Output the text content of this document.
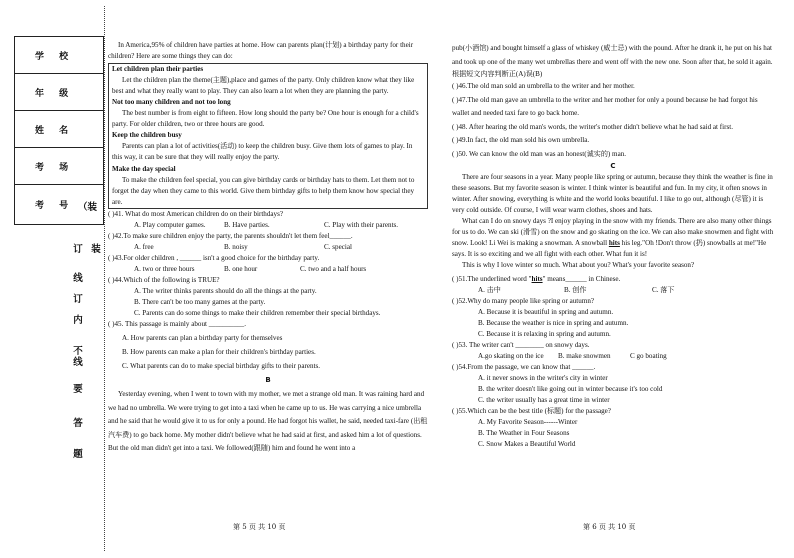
学 校
年 级
姓 名
考 场
考 号 （装
订 装
线
订
内
不
线
要
答
题
In America,95% of children have parties at home. How can parents plan(计划) a birthday party for their children? Here are some things they can do:
Let children plan their parties
Let the children plan the theme(主题),place and games of the party. Only children know what they like best and what they really want to play. They can also learn a lot when they are planning the party.
Not too many children and not too long
The best number is from eight to fifteen. How long should the party be? One hour is enough for a child's party. For older children, two or three hours are good.
Keep the children busy
Parents can plan a lot of activities(活动) to keep the children busy. Give them lots of games to play. In this way, it can be sure that they will really enjoy the party.
Make the day special
To make the children feel special, you can give birthday cards or birthday hats to them. Let them not to forget the day when they came to this world. Give them birthday gifts to help them know how special they are.
( )41. What do most American children do on their birthdays?
A. Play computer games.	B. Have parties.	C. Play with their parents.
( )42.To make sure children enjoy the party, the parents shouldn't let them feel______.
A. free	B. noisy	C. special
( )43.For older children , ______ isn't a good choice for the birthday party.
A. two or three hours	B. one hour	C. two and a half hours
( )44.Which of the following is TRUE?
A. The writer thinks parents should do all the things at the party.
B. There can't be too many games at the party.
C. Parents can do some things to make their children remember their special birthdays.
( )45. This passage is mainly about __________.
A. How parents can plan a birthday party for themselves
B. How parents can make a plan for their children's birthday parties.
C. What parents can do to make special birthday gifts to their parents.
B
Yesterday evening, when I went to town with my mother, we met a strange old man. It was raining hard and we had no umbrella. We were trying to get into a taxi when he came up to us. He was carrying a nice umbrella and he said that he would give it to us for only a pound. He had forgot his wallet, he said, needed taxi-fare (出租汽车费) to go back home. My mother didn't believe what he had said at first, and asked him a lot of questions. But the old man didn't get into a taxi. We followed(跟随) him and found he went into a
pub(小酒馆) and bought himself a glass of whiskey (威士忌) with the pound. After he drank it, he put on his hat and took up one of the many wet umbrellas there and went off with the new one. Soon after that, he sold it again.
根据短文内容判断正(A)误(B)
( )46.The old man sold an umbrella to the writer and her mother.
( )47.The old man gave an umbrella to the writer and her mother for only a pound because he had forgot his wallet and needed taxi fare to go back home.
( )48. After hearing the old man's words, the writer's mother didn't believe what he had said at first.
( )49.In fact, the old man sold his own umbrella.
( )50. We can know the old man was an honest(诚实的) man.
C
There are four seasons in a year. Many people like spring or autumn, because they think the weather is fine in these seasons. But my favorite season is winter. I think winter is beautiful and fun. In my city, it often snows in winter. After snowing, everything is white and the world looks beautiful. I like to go out, although (尽管) it is very cold outside. Of course, I will wear warm clothes, shoes and hats.
What can I do on snowy days ?I enjoy playing in the snow with my friends. There are also many other things for us to do. We can ski (滑雪) on the snow and go skating on the ice. We can also make snowmen and fight with snow. Look! Li Wei is making a snowman. A snowball hits his leg."Oh !Don't throw (扔) snowballs at me!"He says. It is so exciting and we all fight with each other. What fun it is!
This is why I love winter so much. What about you? What's your favorite season?
( )51.The underlined word "hits" means______ in Chinese.
A. 击中	B. 创作	C. 落下
( )52.Why do many people like spring or autumn?
A. Because it is beautiful in spring and autumn.
B. Because the weather is nice in spring and autumn.
C. Because it is relaxing in spring and autumn.
( )53. The writer can't ________ on snowy days.
A.go skating on the ice	B. make snowmen	C go boating
( )54.From the passage, we can know that ______.
A. it never snows in the writer's city in winter
B. the writer doesn't like going out in winter because it's too cold
C. the writer usually has a great time in winter
( )55.Which can be the best title (标题) for the passage?
A. My Favorite Season------Winter
B. The Weather in Four Seasons
C. Snow Makes a Beautiful World
第 5 页 共 10 页	第 6 页 共 10 页
